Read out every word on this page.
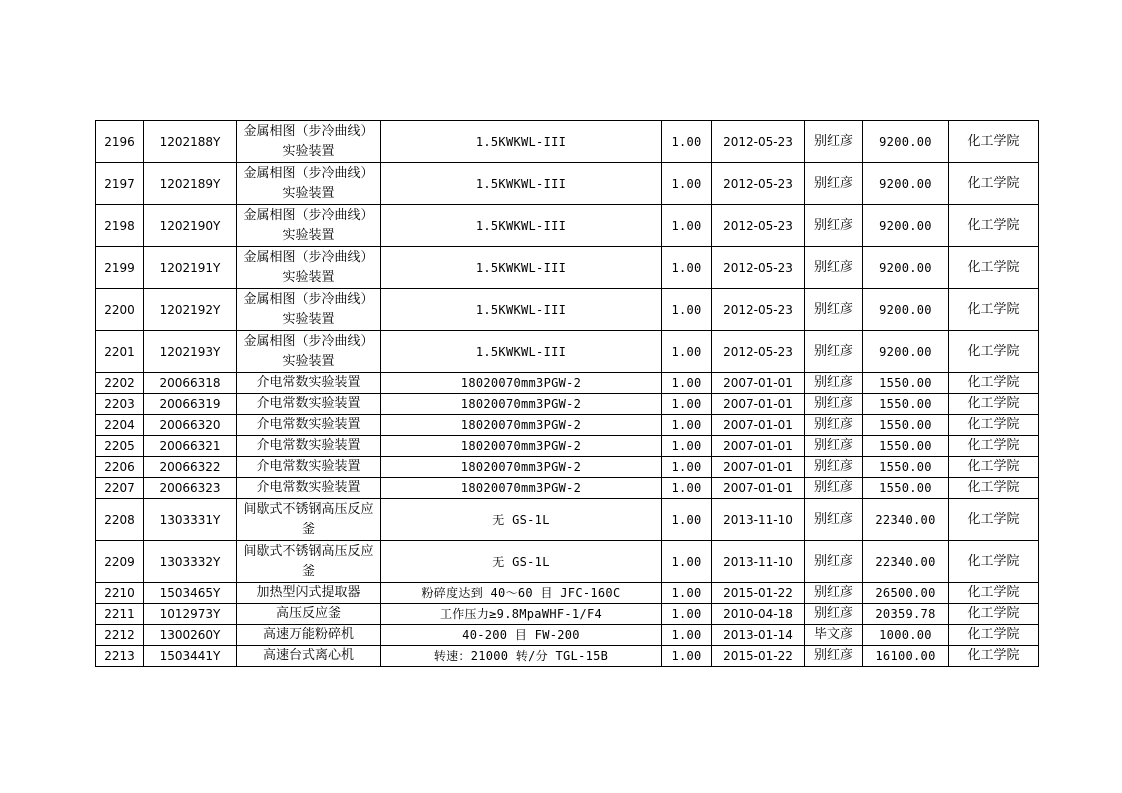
2196	1202188Y	金属相图（步冷曲线）实验装置	1.5KWKWL-III	1.00	2012-05-23	别红彦	9200.00	化工学院
2197	1202189Y	金属相图（步冷曲线）实验装置	1.5KWKWL-III	1.00	2012-05-23	别红彦	9200.00	化工学院
2198	1202190Y	金属相图（步冷曲线）实验装置	1.5KWKWL-III	1.00	2012-05-23	别红彦	9200.00	化工学院
2199	1202191Y	金属相图（步冷曲线）实验装置	1.5KWKWL-III	1.00	2012-05-23	别红彦	9200.00	化工学院
2200	1202192Y	金属相图（步冷曲线）实验装置	1.5KWKWL-III	1.00	2012-05-23	别红彦	9200.00	化工学院
2201	1202193Y	金属相图（步冷曲线）实验装置	1.5KWKWL-III	1.00	2012-05-23	别红彦	9200.00	化工学院
2202	20066318	介电常数实验装置	18020070mm3PGW-2	1.00	2007-01-01	别红彦	1550.00	化工学院
2203	20066319	介电常数实验装置	18020070mm3PGW-2	1.00	2007-01-01	别红彦	1550.00	化工学院
2204	20066320	介电常数实验装置	18020070mm3PGW-2	1.00	2007-01-01	别红彦	1550.00	化工学院
2205	20066321	介电常数实验装置	18020070mm3PGW-2	1.00	2007-01-01	别红彦	1550.00	化工学院
2206	20066322	介电常数实验装置	18020070mm3PGW-2	1.00	2007-01-01	别红彦	1550.00	化工学院
2207	20066323	介电常数实验装置	18020070mm3PGW-2	1.00	2007-01-01	别红彦	1550.00	化工学院
2208	1303331Y	间歇式不锈钢高压反应釜	无 GS-1L	1.00	2013-11-10	别红彦	22340.00	化工学院
2209	1303332Y	间歇式不锈钢高压反应釜	无 GS-1L	1.00	2013-11-10	别红彦	22340.00	化工学院
2210	1503465Y	加热型闪式提取器	粉碎度达到 40～60 目 JFC-160C	1.00	2015-01-22	别红彦	26500.00	化工学院
2211	1012973Y	高压反应釜	工作压力≥9.8MpaWHF-1/F4	1.00	2010-04-18	别红彦	20359.78	化工学院
2212	1300260Y	高速万能粉碎机	40-200 目 FW-200	1.00	2013-01-14	毕文彦	1000.00	化工学院
2213	1503441Y	高速台式离心机	转速：21000 转/分 TGL-15B	1.00	2015-01-22	别红彦	16100.00	化工学院
